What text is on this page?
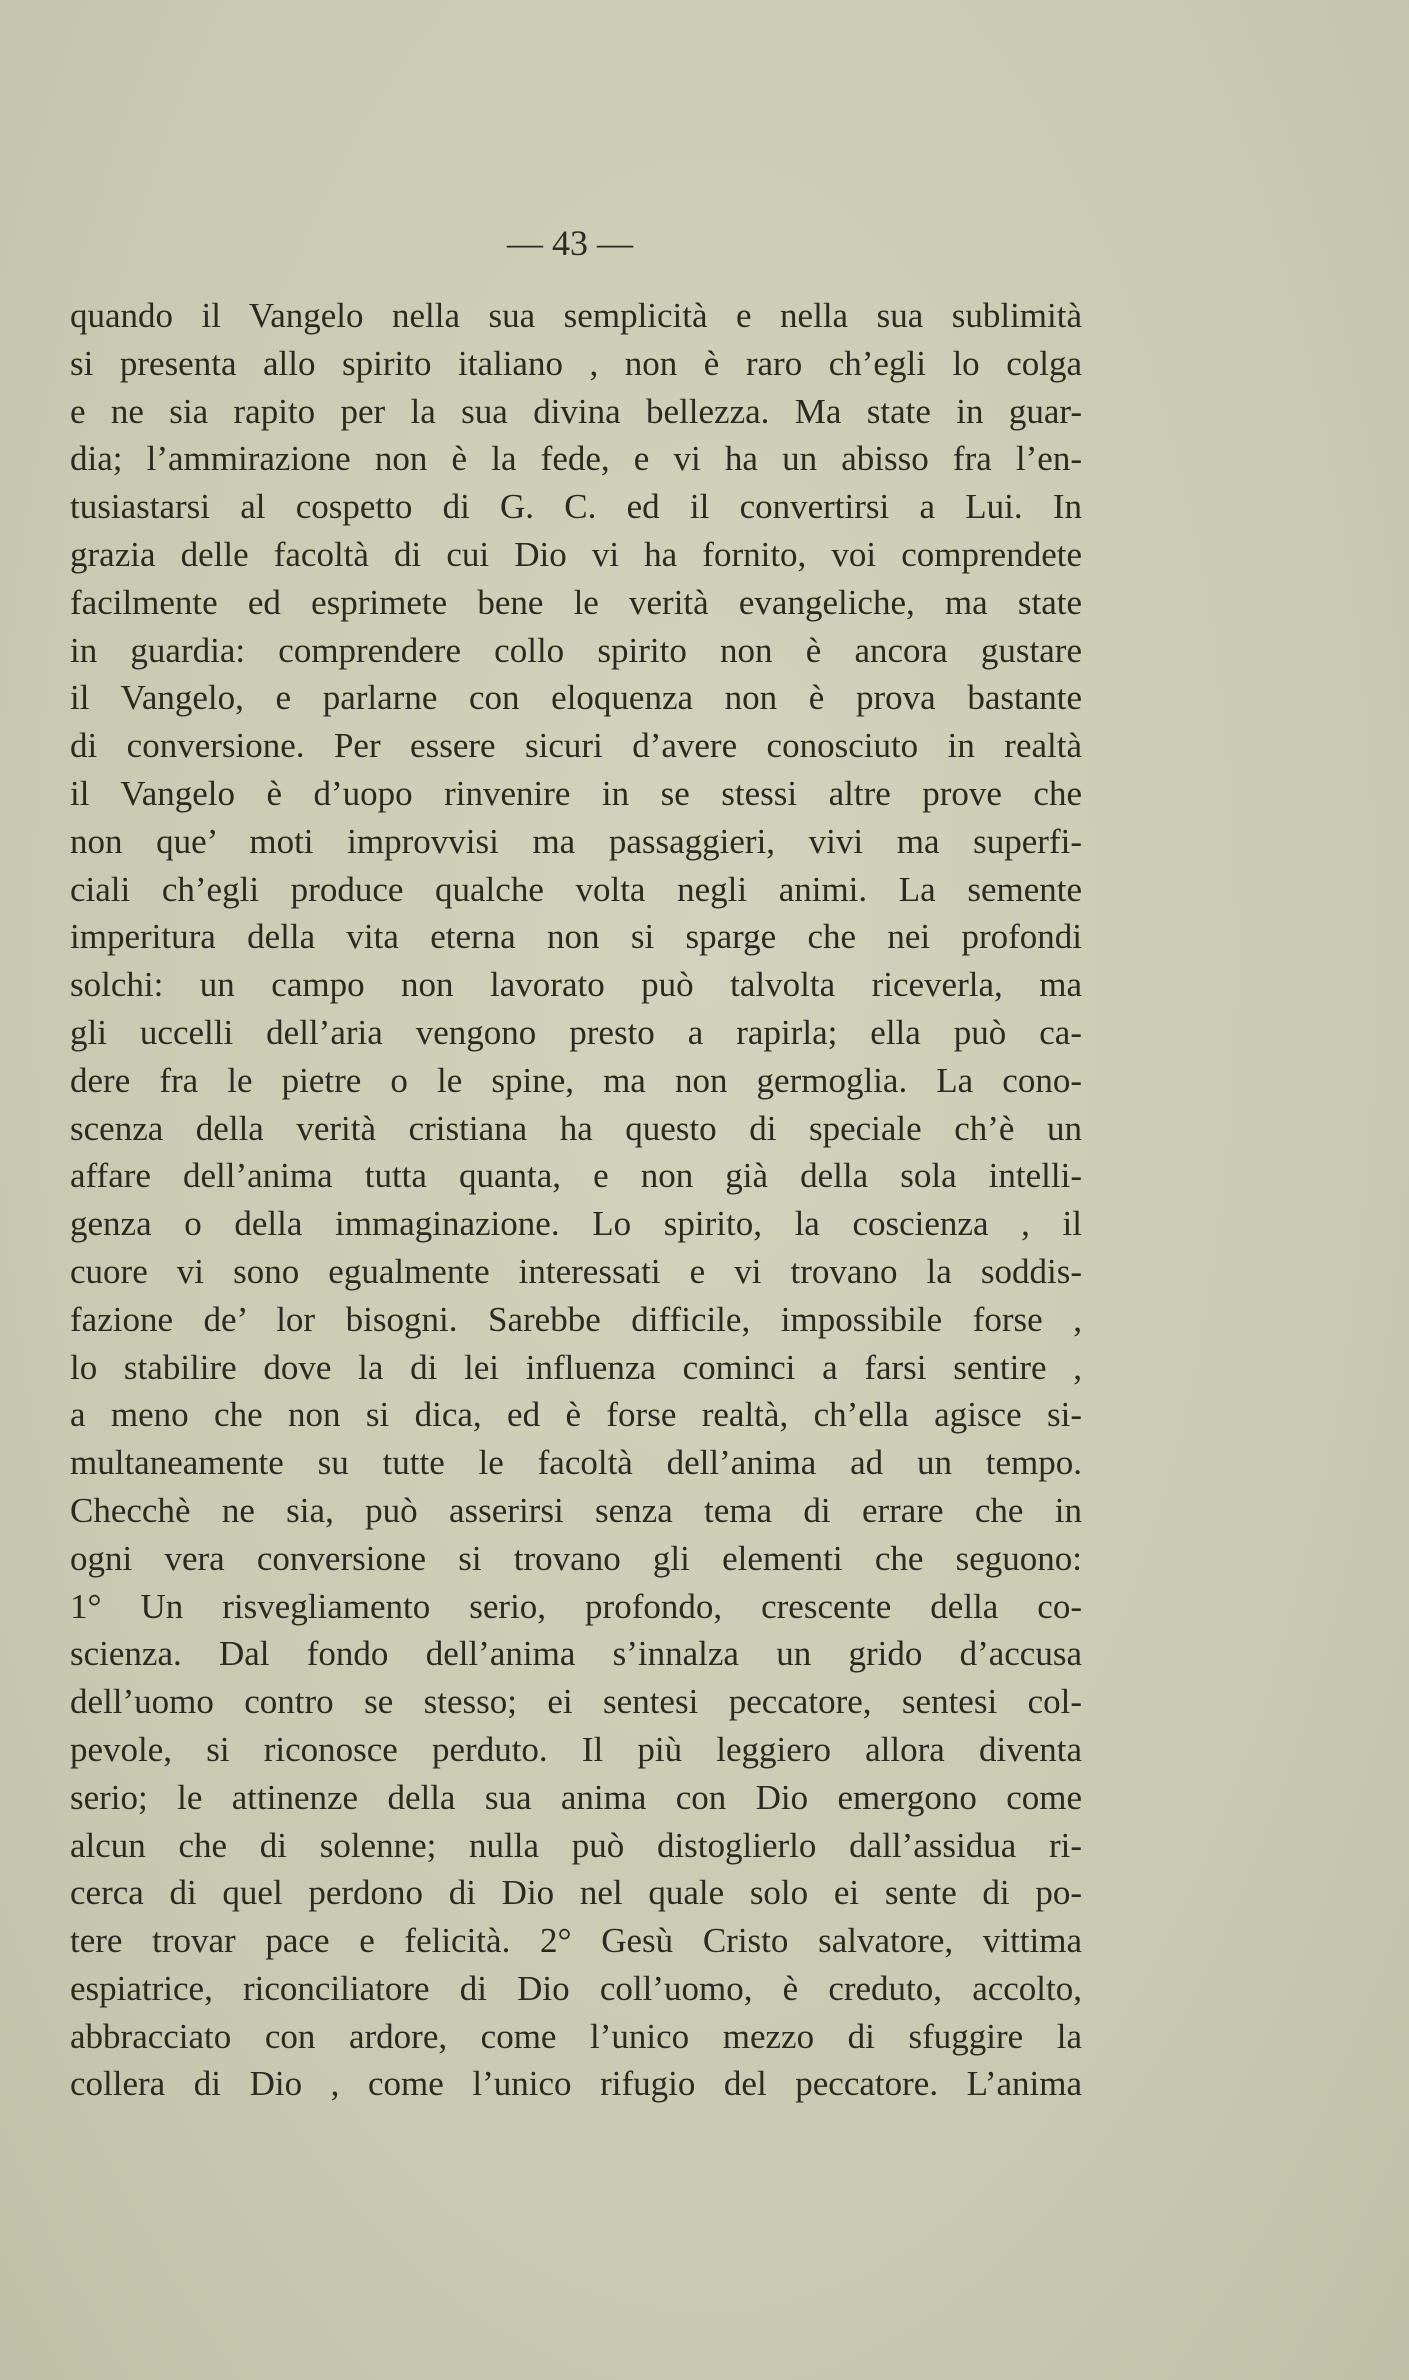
— 43 —
quando il Vangelo nella sua semplicità e nella sua sublimità
si presenta allo spirito italiano , non è raro ch’egli lo colga
e ne sia rapito per la sua divina bellezza. Ma state in guar-
dia; l’ammirazione non è la fede, e vi ha un abisso fra l’en-
tusiastarsi al cospetto di G. C. ed il convertirsi a Lui. In
grazia delle facoltà di cui Dio vi ha fornito, voi comprendete
facilmente ed esprimete bene le verità evangeliche, ma state
in guardia: comprendere collo spirito non è ancora gustare
il Vangelo, e parlarne con eloquenza non è prova bastante
di conversione. Per essere sicuri d’avere conosciuto in realtà
il Vangelo è d’uopo rinvenire in se stessi altre prove che
non que’ moti improvvisi ma passaggieri, vivi ma superfi-
ciali ch’egli produce qualche volta negli animi. La semente
imperitura della vita eterna non si sparge che nei profondi
solchi: un campo non lavorato può talvolta riceverla, ma
gli uccelli dell’aria vengono presto a rapirla; ella può ca-
dere fra le pietre o le spine, ma non germoglia. La cono-
scenza della verità cristiana ha questo di speciale ch’è un
affare dell’anima tutta quanta, e non già della sola intelli-
genza o della immaginazione. Lo spirito, la coscienza , il
cuore vi sono egualmente interessati e vi trovano la soddis-
fazione de’ lor bisogni. Sarebbe difficile, impossibile forse ,
lo stabilire dove la di lei influenza cominci a farsi sentire ,
a meno che non si dica, ed è forse realtà, ch’ella agisce si-
multaneamente su tutte le facoltà dell’anima ad un tempo.
Checchè ne sia, può asserirsi senza tema di errare che in
ogni vera conversione si trovano gli elementi che seguono:
1° Un risvegliamento serio, profondo, crescente della co-
scienza. Dal fondo dell’anima s’innalza un grido d’accusa
dell’uomo contro se stesso; ei sentesi peccatore, sentesi col-
pevole, si riconosce perduto. Il più leggiero allora diventa
serio; le attinenze della sua anima con Dio emergono come
alcun che di solenne; nulla può distoglierlo dall’assidua ri-
cerca di quel perdono di Dio nel quale solo ei sente di po-
tere trovar pace e felicità. 2° Gesù Cristo salvatore, vittima
espiatrice, riconciliatore di Dio coll’uomo, è creduto, accolto,
abbracciato con ardore, come l’unico mezzo di sfuggire la
collera di Dio , come l’unico rifugio del peccatore. L’anima
